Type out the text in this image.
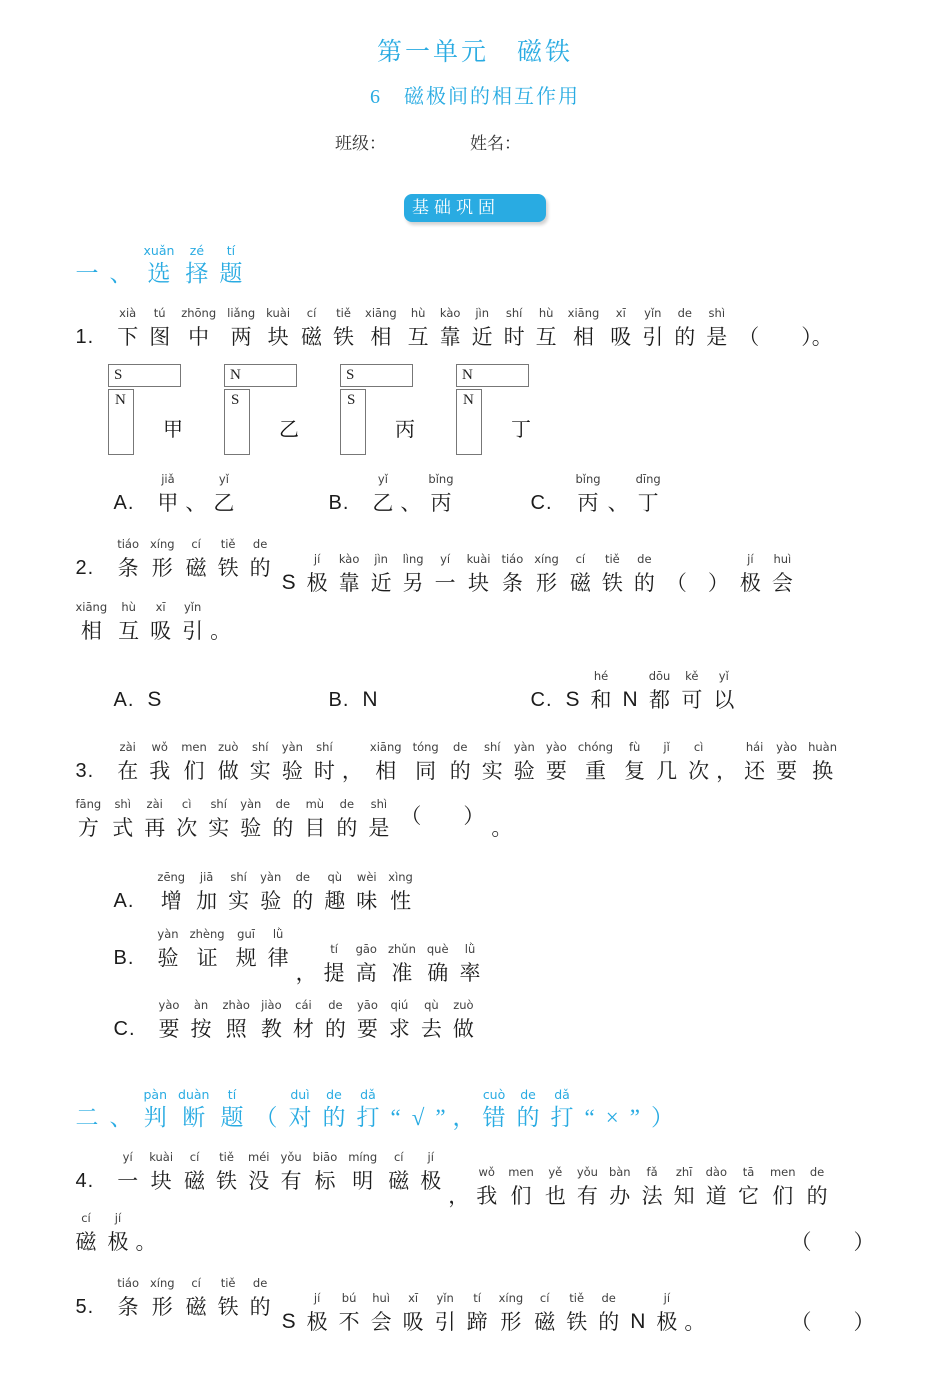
第一单元　磁铁
6　磁极间的相互作用
班级：	姓名：
基础巩固

一
、
xuǎn
选
zé
择
tí
题

1.
xià
下
tú
图
zhōng
中
liǎng
两
kuài
块
cí
磁
tiě
铁
xiāng
相
hù
互
kào
靠
jìn
近
shí
时
hù
互
xiāng
相
xī
吸
yǐn
引
de
的
shì
是
（　　）。
S
N
甲
N
S
乙
S
S
丙
N
N
丁

A.
jiǎ
甲
、
yǐ
乙
	B.
yǐ
乙
、
bǐng
丙
	C.
bǐng
丙
、
dīng
丁

2.
tiáo
条
xíng
形
cí
磁
tiě
铁
de
的

S
jí
极
kào
靠
jìn
近
lìng
另
yí
一
kuài
块
tiáo
条
xíng
形
cí
磁
tiě
铁
de
的
（　）
jí
极
huì
会
xiāng
相
hù
互
xī
吸
yǐn
引
。

A.
S
	B.
N
	C.
S
hé
和
N
dōu
都
kě
可
yǐ
以

3.
zài
在
wǒ
我
men
们
zuò
做
shí
实
yàn
验
shí
时
，
xiāng
相
tóng
同
de
的
shí
实
yàn
验
yào
要
chóng
重
fù
复
jǐ
几
cì
次
，
hái
还
yào
要
huàn
换
fāng
方
shì
式
zài
再
cì
次
shí
实
yàn
验
de
的
mù
目
de
的
shì
是
（　　）
。

A.
zēng
增
jiā
加
shí
实
yàn
验
de
的
qù
趣
wèi
味
xìng
性

B.
yàn
验
zhèng
证
guī
规
lǜ
律

，
tí
提
gāo
高
zhǔn
准
què
确
lǜ
率

C.
yào
要
àn
按
zhào
照
jiào
教
cái
材
de
的
yāo
要
qiú
求
qù
去
zuò
做

二
、
pàn
判
duàn
断
tí
题
（
duì
对
de
的
dǎ
打
“
√
”
，
cuò
错
de
的
dǎ
打
“
×
”
）

4.
yí
一
kuài
块
cí
磁
tiě
铁
méi
没
yǒu
有
biāo
标
míng
明
cí
磁
jí
极

，
wǒ
我
men
们
yě
也
yǒu
有
bàn
办
fǎ
法
zhī
知
dào
道
tā
它
men
们
de
的
cí
磁
jí
极
。
	（　　）

5.
tiáo
条
xíng
形
cí
磁
tiě
铁
de
的

S
jí
极
bú
不
huì
会
xī
吸
yǐn
引
tí
蹄
xíng
形
cí
磁
tiě
铁
de
的
N
jí
极
。
	（　　）
